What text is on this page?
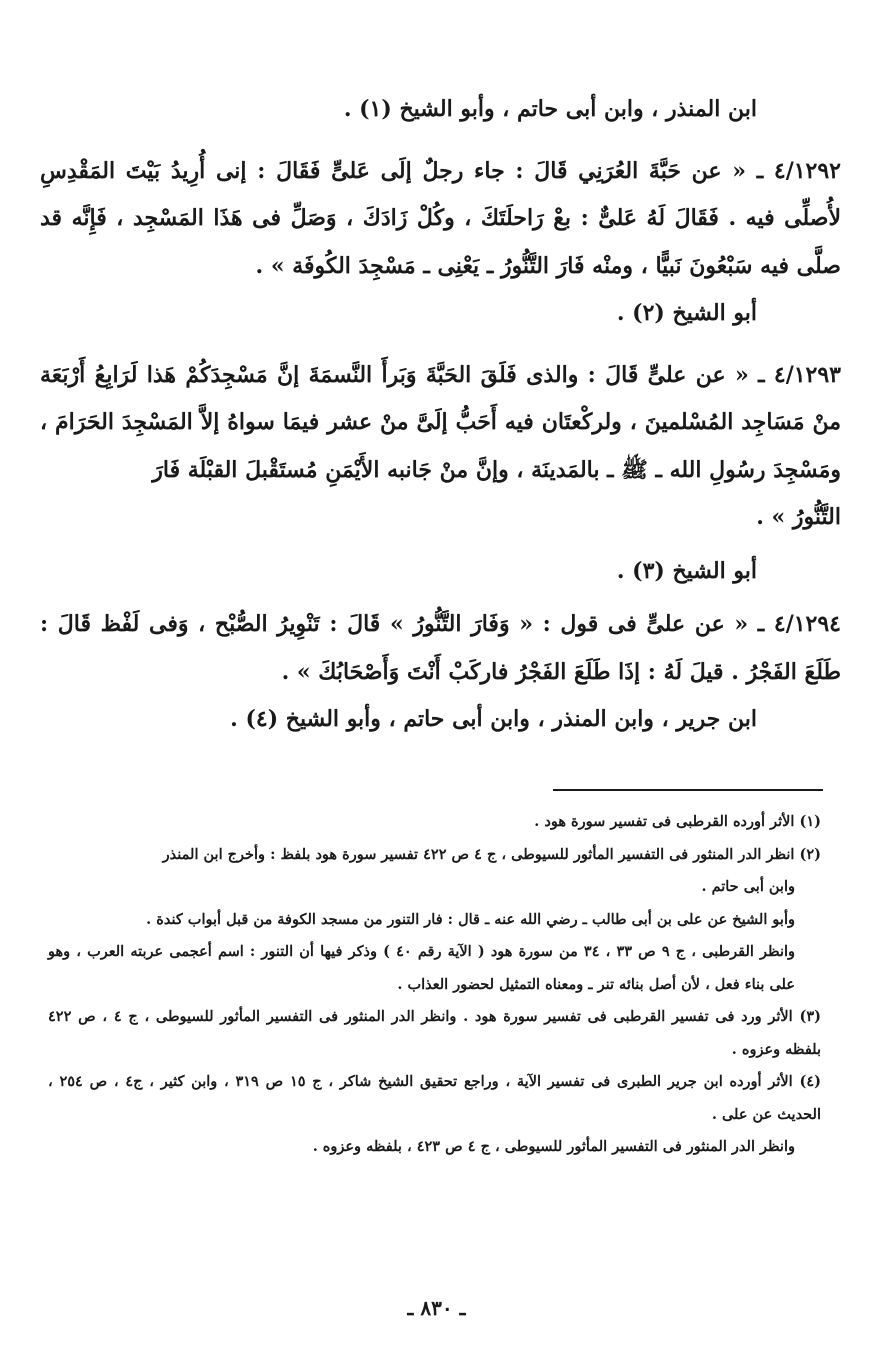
ابن المنذر ، وابن أبى حاتم ، وأبو الشيخ (١) .

٤/١٢٩٢ ـ « عن حَبَّةَ العُرَنِي قَالَ : جاء رجلٌ إلَى عَلىٍّ فَقَالَ : إنى أُرِيدُ بَيْتَ المَقْدِسِ لأُصلِّى فيه . فَقَالَ لَهُ عَلىٌّ : بعْ رَاحلَتَكَ ، وكُلْ زَادَكَ ، وَصَلِّ فى هَذَا المَسْجِد ، فَإِنَّه قد صلَّى فيه سَبْعُونَ نَبيًّا ، ومنْه فَارَ التَّنُّورُ ـ يَعْنِى ـ مَسْجِدَ الكُوفَة » .

أبو الشيخ (٢) .

٤/١٢٩٣ ـ « عن علىٍّ قَالَ : والذى فَلَقَ الحَبَّةَ وَبَرأَ النَّسمَةَ إنَّ مَسْجِدَكُمْ هَذا لَرَابِعُ أَرْبَعَة منْ مَسَاجِد المُسْلمينَ ، ولركْعتَان فيه أَحَبُّ إلَىَّ منْ عشر فيمَا سواهُ إلاَّ المَسْجِدَ الحَرَامَ ، ومَسْجِدَ رسُولِ الله ـ ﷺ ـ بالمَدينَة ، وإنَّ منْ جَانبه الأَيْمَنِ مُستَقْبلَ القبْلَة فَارَ

التَّنُّورُ » .

أبو الشيخ (٣) .

٤/١٢٩٤ ـ « عن علىٍّ فى قول : « وَفَارَ التَّنُّورُ » قَالَ : تَنْوِيرُ الصُّبْح ، وَفى لَفْظ قَالَ : طَلَعَ الفَجْرُ . قيلَ لَهُ : إذَا طَلَعَ الفَجْرُ فاركَبْ أَنْتَ وَأَصْحَابُكَ » .

ابن جرير ، وابن المنذر ، وابن أبى حاتم ، وأبو الشيخ (٤) .

(١) الأثر أورده القرطبى فى تفسير سورة هود .

(٢) انظر الدر المنثور فى التفسير المأثور للسيوطى ، ج ٤ ص ٤٢٢ تفسير سورة هود بلفظ : وأخرج ابن المنذر

وابن أبى حاتم .

وأبو الشيخ عن على بن أبى طالب ـ رضي الله عنه ـ قال : فار التنور من مسجد الكوفة من قبل أبواب كندة .

وانظر القرطبى ، ج ٩ ص ٣٣ ، ٣٤ من سورة هود ( الآية رقم ٤٠ ) وذكر فيها أن التنور : اسم أعجمى عربته العرب ، وهو على بناء فعل ، لأن أصل بنائه تنر ـ ومعناه التمثيل لحضور العذاب .

(٣) الأثر ورد فى تفسير القرطبى فى تفسير سورة هود . وانظر الدر المنثور فى التفسير المأثور للسيوطى ، ج ٤ ، ص ٤٢٢ بلفظه وعزوه .

(٤) الأثر أورده ابن جرير الطبرى فى تفسير الآية ، وراجع تحقيق الشيخ شاكر ، ج ١٥ ص ٣١٩ ، وابن كثير ، ج٤ ، ص ٢٥٤ ، الحديث عن على .

وانظر الدر المنثور فى التفسير المأثور للسيوطى ، ج ٤ ص ٤٢٣ ، بلفظه وعزوه .

ـ ٨٣٠ ـ
